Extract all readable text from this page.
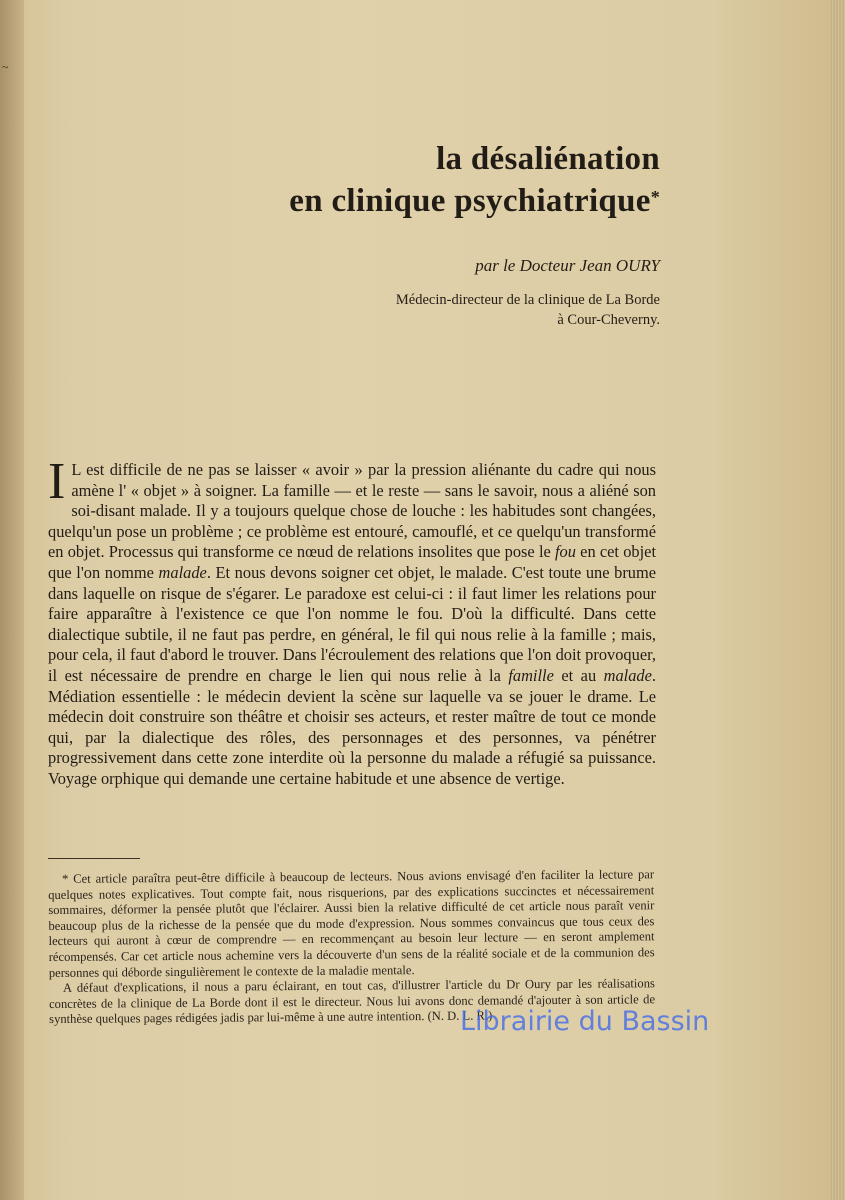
~
la désaliénation
en clinique psychiatrique*
par le Docteur Jean OURY
Médecin-directeur de la clinique de La Borde
à Cour-Cheverny.
I L est difficile de ne pas se laisser « avoir » par la pression aliénante du cadre qui nous amène l' « objet » à soigner. La famille — et le reste — sans le savoir, nous a aliéné son soi-disant malade. Il y a toujours quelque chose de louche : les habitudes sont changées, quelqu'un pose un problème ; ce problème est entouré, camouflé, et ce quelqu'un transformé en objet. Processus qui transforme ce nœud de relations insolites que pose le fou en cet objet que l'on nomme malade. Et nous devons soigner cet objet, le malade. C'est toute une brume dans laquelle on risque de s'égarer. Le paradoxe est celui-ci : il faut limer les relations pour faire apparaître à l'existence ce que l'on nomme le fou. D'où la difficulté. Dans cette dialectique subtile, il ne faut pas perdre, en général, le fil qui nous relie à la famille ; mais, pour cela, il faut d'abord le trouver. Dans l'écroulement des relations que l'on doit provoquer, il est nécessaire de prendre en charge le lien qui nous relie à la famille et au malade. Médiation essentielle : le médecin devient la scène sur laquelle va se jouer le drame. Le médecin doit construire son théâtre et choisir ses acteurs, et rester maître de tout ce monde qui, par la dialectique des rôles, des personnages et des personnes, va pénétrer progressivement dans cette zone interdite où la personne du malade a réfugié sa puissance. Voyage orphique qui demande une certaine habitude et une absence de vertige.

* Cet article paraîtra peut-être difficile à beaucoup de lecteurs. Nous avions envisagé d'en faciliter la lecture par quelques notes explicatives. Tout compte fait, nous risquerions, par des explications succinctes et nécessairement sommaires, déformer la pensée plutôt que l'éclairer. Aussi bien la relative difficulté de cet article nous paraît venir beaucoup plus de la richesse de la pensée que du mode d'expression. Nous sommes convaincus que tous ceux des lecteurs qui auront à cœur de comprendre — en recommençant au besoin leur lecture — en seront amplement récompensés. Car cet article nous achemine vers la découverte d'un sens de la réalité sociale et de la communion des personnes qui déborde singulièrement le contexte de la maladie mentale.

A défaut d'explications, il nous a paru éclairant, en tout cas, d'illustrer l'article du Dr Oury par les réalisations concrètes de la clinique de La Borde dont il est le directeur. Nous lui avons donc demandé d'ajouter à son article de synthèse quelques pages rédigées jadis par lui-même à une autre intention. (N. D. L. R.)

Librairie du Bassin
